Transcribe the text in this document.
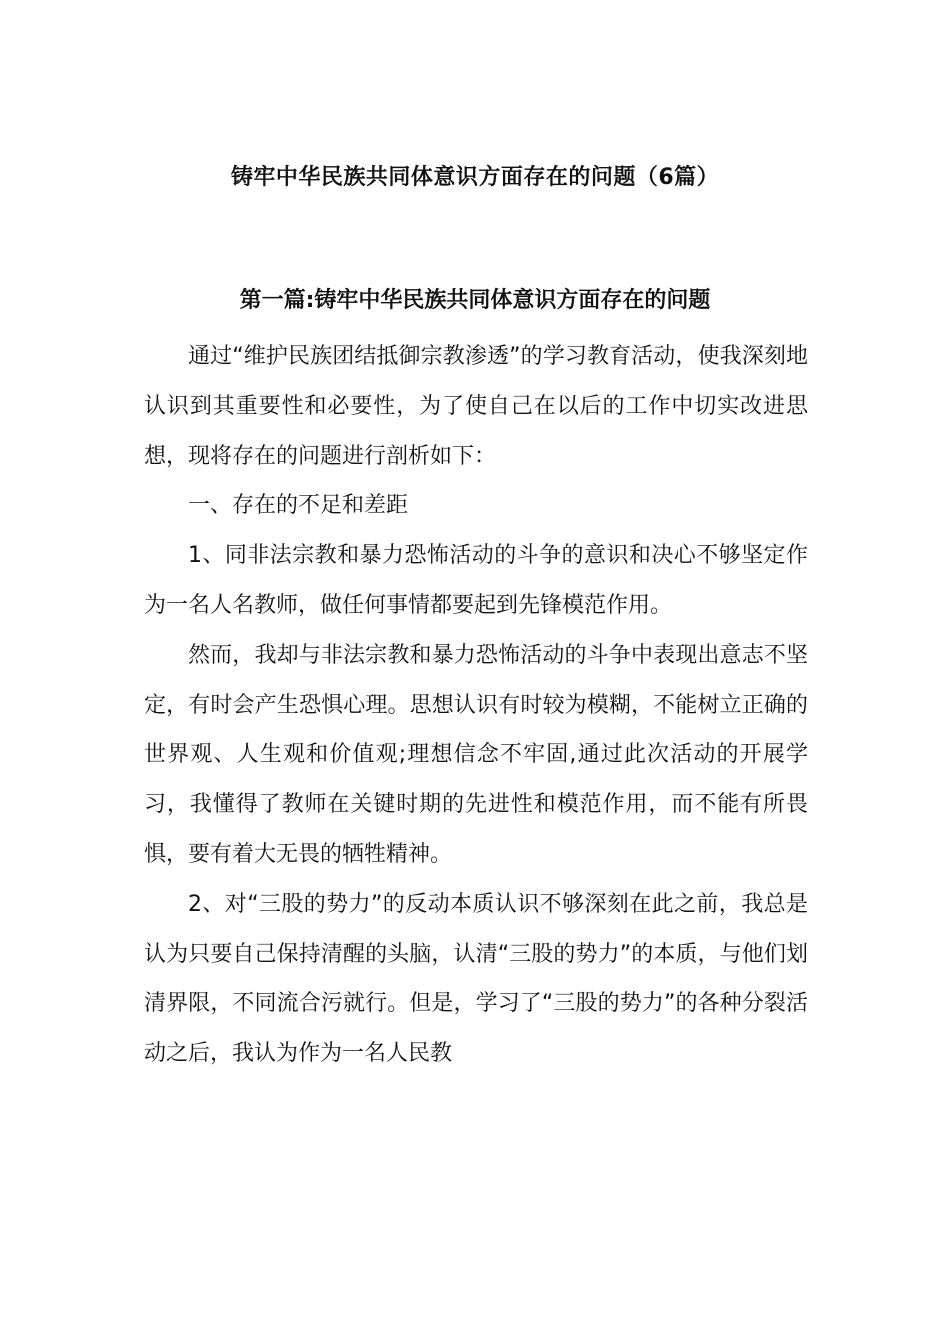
铸牢中华民族共同体意识方面存在的问题（6篇）
第一篇:铸牢中华民族共同体意识方面存在的问题

通过“维护民族团结抵御宗教渗透”的学习教育活动，使我深刻地认识到其重要性和必要性，为了使自己在以后的工作中切实改进思想，现将存在的问题进行剖析如下：

一、存在的不足和差距

1、同非法宗教和暴力恐怖活动的斗争的意识和决心不够坚定作为一名人名教师，做任何事情都要起到先锋模范作用。

然而，我却与非法宗教和暴力恐怖活动的斗争中表现出意志不坚定，有时会产生恐惧心理。思想认识有时较为模糊，不能树立正确的世界观、人生观和价值观;理想信念不牢固,通过此次活动的开展学习，我懂得了教师在关键时期的先进性和模范作用，而不能有所畏惧，要有着大无畏的牺牲精神。

2、对“三股的势力”的反动本质认识不够深刻在此之前，我总是认为只要自己保持清醒的头脑，认清“三股的势力”的本质，与他们划清界限，不同流合污就行。但是，学习了“三股的势力”的各种分裂活动之后，我认为作为一名人民教
